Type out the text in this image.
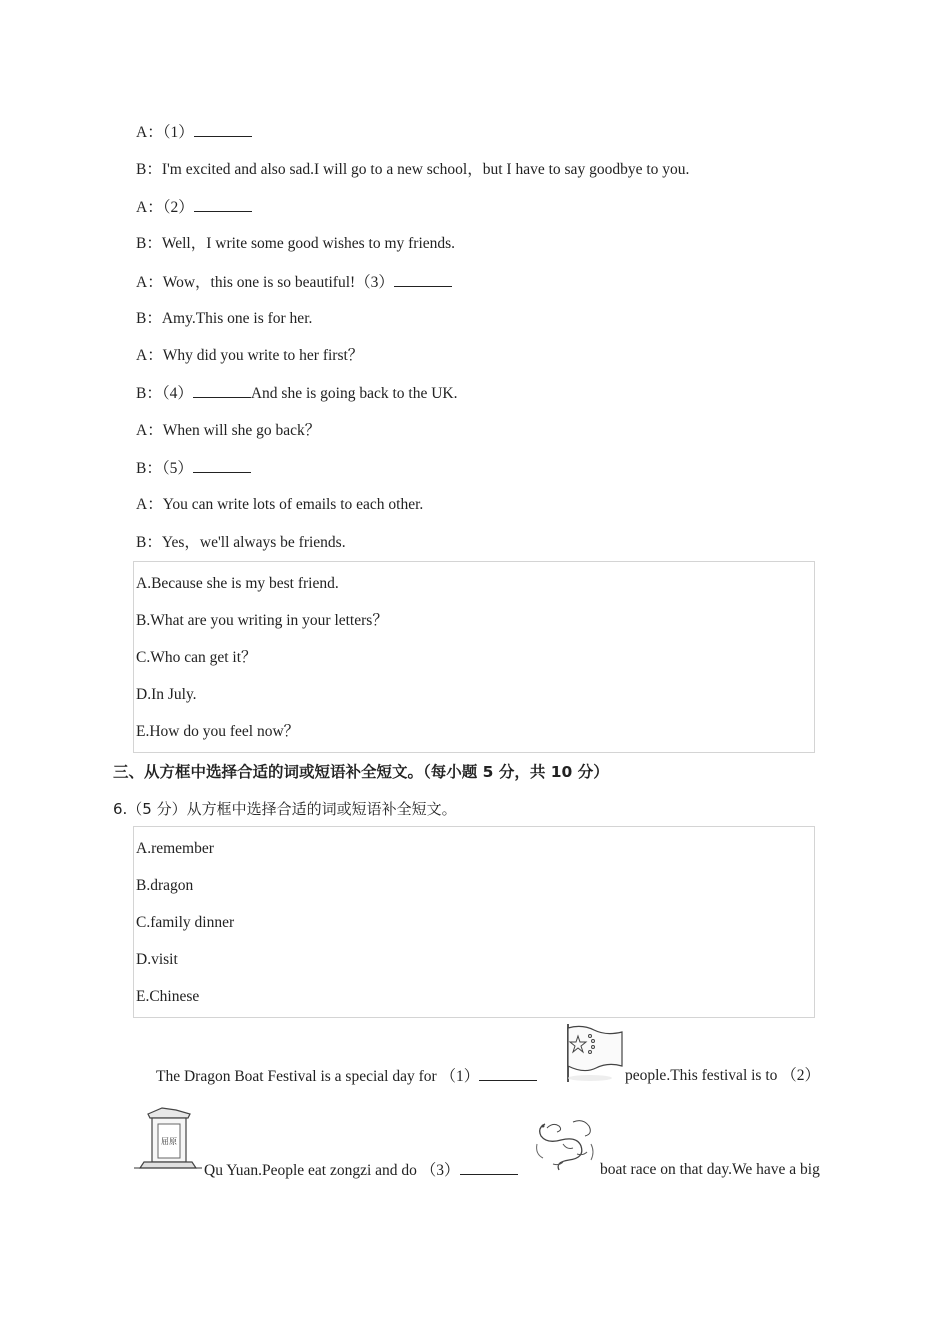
A：（1）
B：I'm excited and also sad.I will go to a new school，but I have to say goodbye to you.
A：（2）
B：Well，I write some good wishes to my friends.
A：Wow，this one is so beautiful!（3）
B：Amy.This one is for her.
A：Why did you write to her first？
B：（4）	And she is going back to the UK.
A：When will she go back？
B：（5）
A：You can write lots of emails to each other.
B：Yes，we'll always be friends.
A.Because she is my best friend.
B.What are you writing in your letters？
C.Who can get it？
D.In July.
E.How do you feel now？
三、从方框中选择合适的词或短语补全短文。（每小题 5 分，共 10 分）
6.（5 分）从方框中选择合适的词或短语补全短文。
A.remember
B.dragon
C.family dinner
D.visit
E.Chinese
The Dragon Boat Festival is a special day for （1）	people.This festival is to （2）
屈原
Qu Yuan.People eat zongzi and do （3）	boat race on that day.We have a big
